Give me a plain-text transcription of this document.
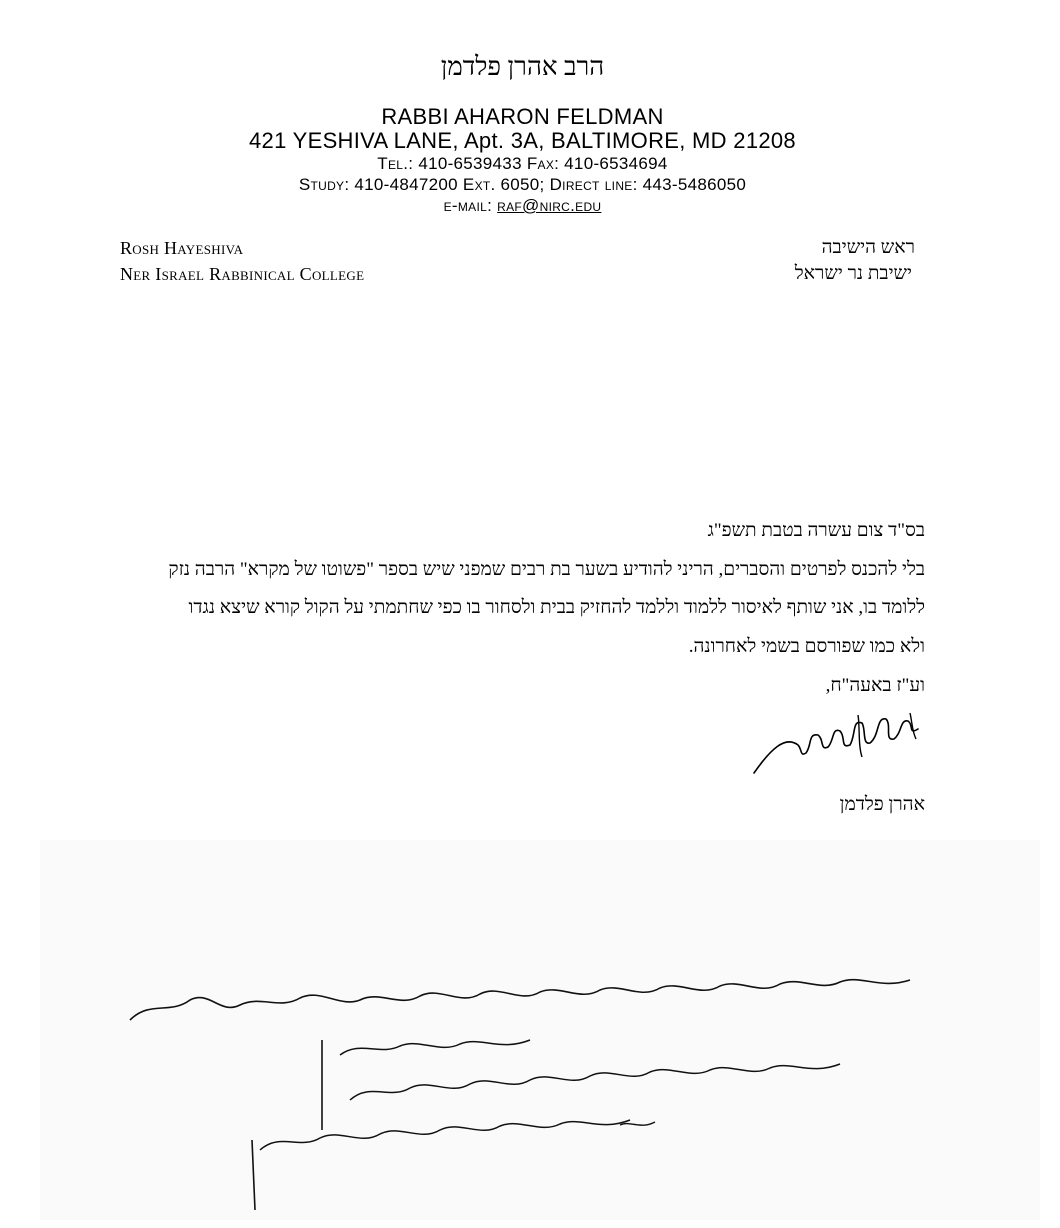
הרב אהרן פלדמן
RABBI AHARON FELDMAN
421 YESHIVA LANE, Apt. 3A, BALTIMORE, MD 21208
Tel.: 410-6539433 Fax: 410-6534694
Study: 410-4847200 Ext. 6050; Direct line: 443-5486050
e-mail: raf@nirc.edu
Rosh Hayeshiva
Ner Israel Rabbinical College
ראש הישיבה
ישיבת נר ישראל
בס"ד צום עשרה בטבת תשפ"ג
בלי להכנס לפרטים והסברים, הריני להודיע בשער בת רבים שמפני שיש בספר "פשוטו של מקרא" הרבה נזק
ללומד בו, אני שותף לאיסור ללמוד וללמד להחזיק בבית ולסחור בו כפי שחתמתי על הקול קורא שיצא נגדו
ולא כמו שפורסם בשמי לאחרונה.
וע"ז באעה"ח,
אהרן פלדמן
